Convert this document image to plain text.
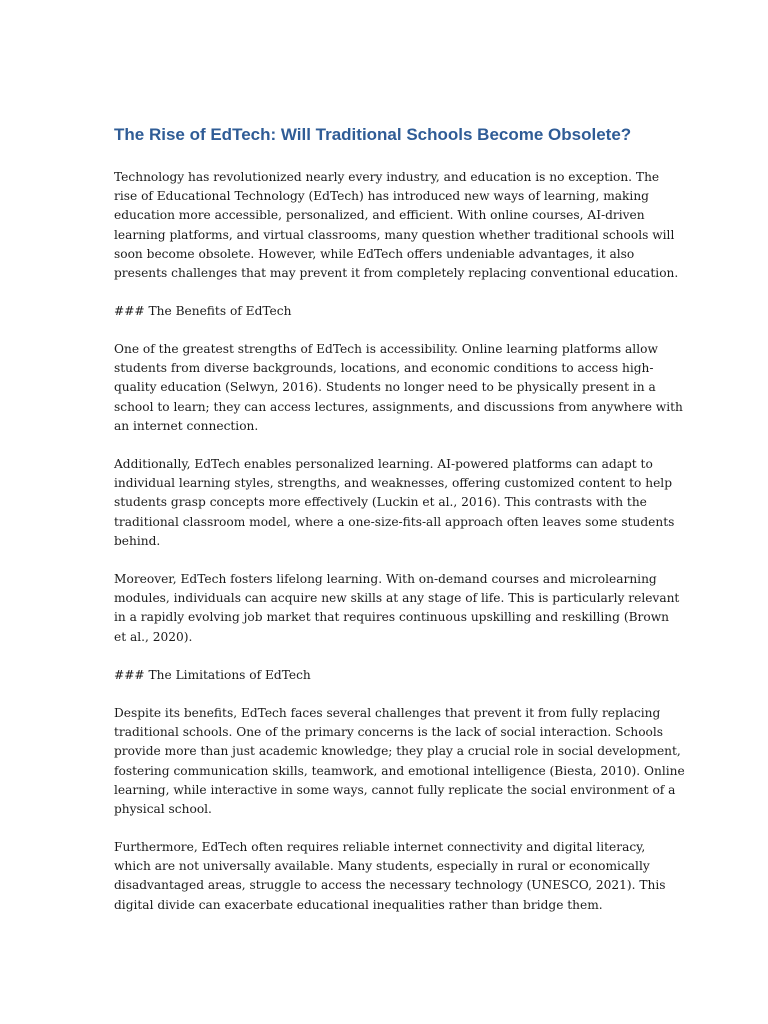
The Rise of EdTech: Will Traditional Schools Become Obsolete?

Technology has revolutionized nearly every industry, and education is no exception. The
rise of Educational Technology (EdTech) has introduced new ways of learning, making
education more accessible, personalized, and efficient. With online courses, AI-driven
learning platforms, and virtual classrooms, many question whether traditional schools will
soon become obsolete. However, while EdTech offers undeniable advantages, it also
presents challenges that may prevent it from completely replacing conventional education.

### The Benefits of EdTech

One of the greatest strengths of EdTech is accessibility. Online learning platforms allow
students from diverse backgrounds, locations, and economic conditions to access high-
quality education (Selwyn, 2016). Students no longer need to be physically present in a
school to learn; they can access lectures, assignments, and discussions from anywhere with
an internet connection.

Additionally, EdTech enables personalized learning. AI-powered platforms can adapt to
individual learning styles, strengths, and weaknesses, offering customized content to help
students grasp concepts more effectively (Luckin et al., 2016). This contrasts with the
traditional classroom model, where a one-size-fits-all approach often leaves some students
behind.

Moreover, EdTech fosters lifelong learning. With on-demand courses and microlearning
modules, individuals can acquire new skills at any stage of life. This is particularly relevant
in a rapidly evolving job market that requires continuous upskilling and reskilling (Brown
et al., 2020).

### The Limitations of EdTech

Despite its benefits, EdTech faces several challenges that prevent it from fully replacing
traditional schools. One of the primary concerns is the lack of social interaction. Schools
provide more than just academic knowledge; they play a crucial role in social development,
fostering communication skills, teamwork, and emotional intelligence (Biesta, 2010). Online
learning, while interactive in some ways, cannot fully replicate the social environment of a
physical school.

Furthermore, EdTech often requires reliable internet connectivity and digital literacy,
which are not universally available. Many students, especially in rural or economically
disadvantaged areas, struggle to access the necessary technology (UNESCO, 2021). This
digital divide can exacerbate educational inequalities rather than bridge them.
